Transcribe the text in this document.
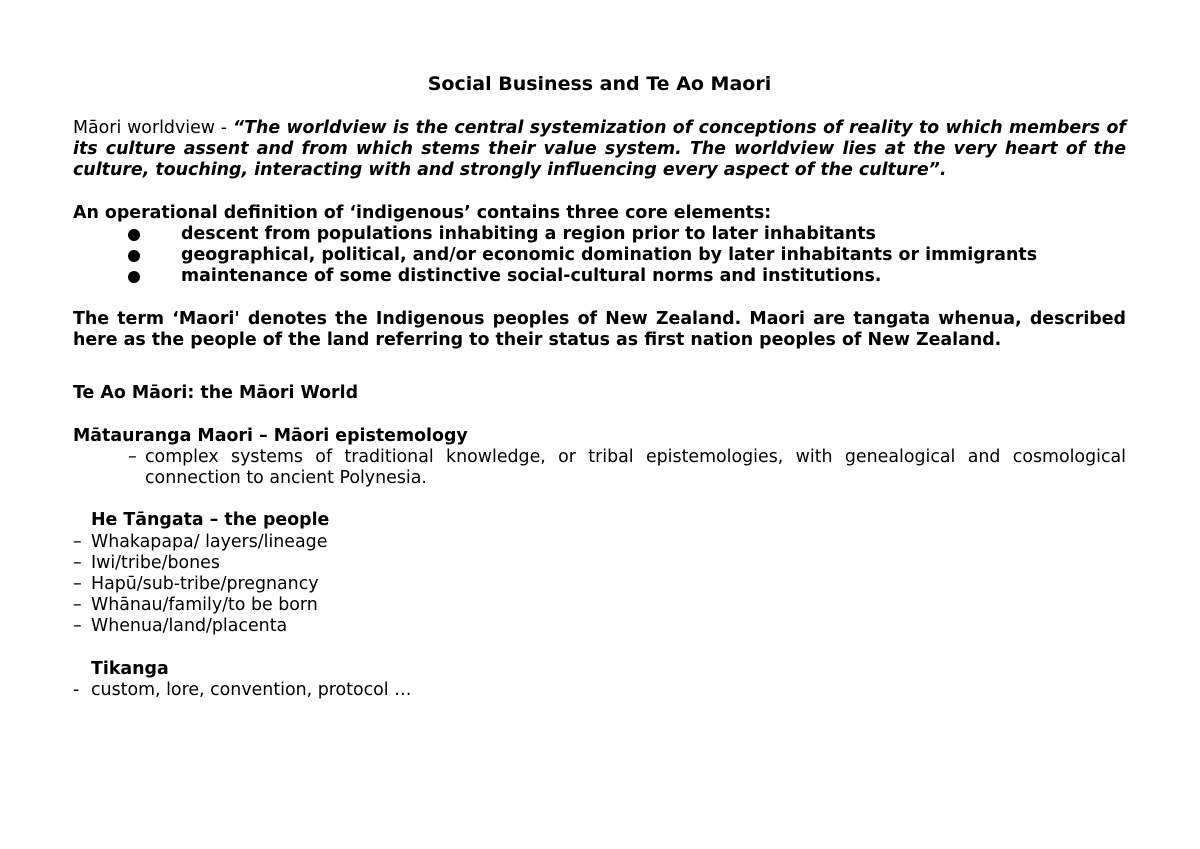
Social Business and Te Ao Maori

Māori worldview - “The worldview is the central systemization of conceptions of reality to which members of its culture assent and from which stems their value system. The worldview lies at the very heart of the culture, touching, interacting with and strongly influencing every aspect of the culture”.

An operational definition of ‘indigenous’ contains three core elements:

descent from populations inhabiting a region prior to later inhabitants
geographical, political, and/or economic domination by later inhabitants or immigrants
maintenance of some distinctive social-cultural norms and institutions.

The term ‘Maori' denotes the Indigenous peoples of New Zealand. Maori are tangata whenua, described here as the people of the land referring to their status as first nation peoples of New Zealand.

Te Ao Māori: the Māori World

Mātauranga Maori – Māori epistemology

– complex systems of traditional knowledge, or tribal epistemologies, with genealogical and cosmological connection to ancient Polynesia.

He Tāngata – the people

– Whakapapa/ layers/lineage

– Iwi/tribe/bones

– Hapū/sub-tribe/pregnancy

– Whānau/family/to be born

– Whenua/land/placenta

Tikanga

- custom, lore, convention, protocol …
